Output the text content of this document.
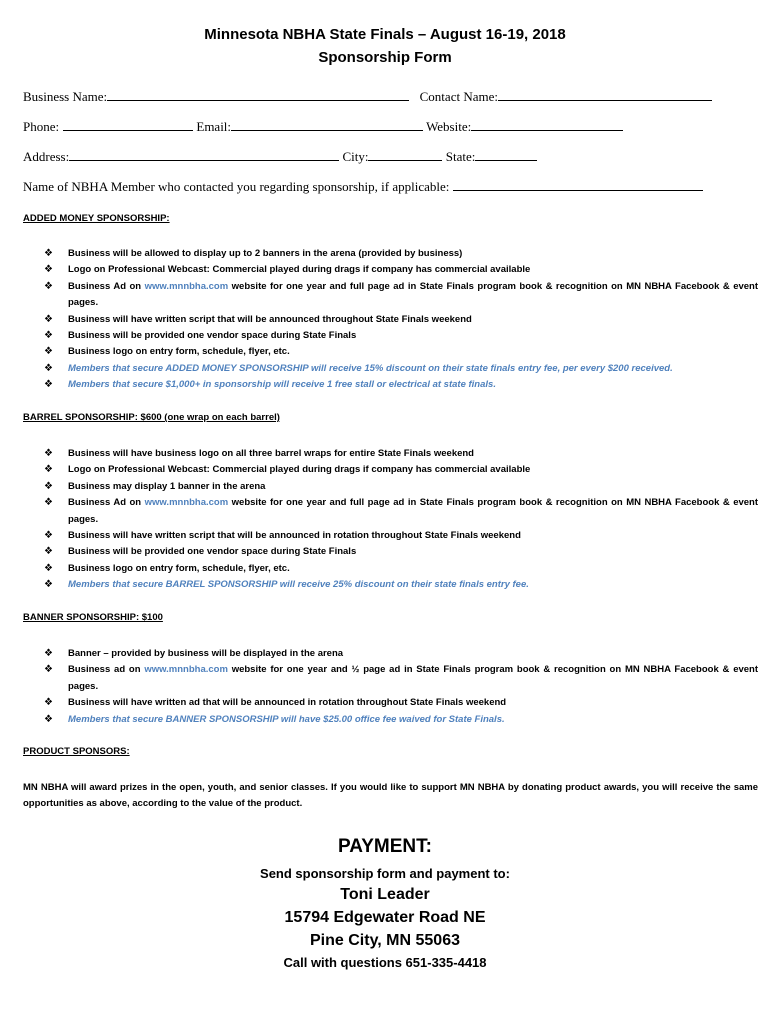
Minnesota NBHA State Finals – August 16-19, 2018
Sponsorship Form
Business Name:	Contact Name:
Phone:	Email:	Website:
Address:	City:	State:
Name of NBHA Member who contacted you regarding sponsorship, if applicable:
ADDED MONEY SPONSORSHIP:
❖ Business will be allowed to display up to 2 banners in the arena (provided by business)
❖ Logo on Professional Webcast: Commercial played during drags if company has commercial available
❖ Business Ad on www.mnnbha.com website for one year and full page ad in State Finals program book & recognition on MN NBHA Facebook & event pages.
❖ Business will have written script that will be announced throughout State Finals weekend
❖ Business will be provided one vendor space during State Finals
❖ Business logo on entry form, schedule, flyer, etc.
❖ Members that secure ADDED MONEY SPONSORSHIP will receive 15% discount on their state finals entry fee, per every $200 received.
❖ Members that secure $1,000+ in sponsorship will receive 1 free stall or electrical at state finals.
BARREL SPONSORSHIP: $600 (one wrap on each barrel)
❖ Business will have business logo on all three barrel wraps for entire State Finals weekend
❖ Logo on Professional Webcast: Commercial played during drags if company has commercial available
❖ Business may display 1 banner in the arena
❖ Business Ad on www.mnnbha.com website for one year and full page ad in State Finals program book & recognition on MN NBHA Facebook & event pages.
❖ Business will have written script that will be announced in rotation throughout State Finals weekend
❖ Business will be provided one vendor space during State Finals
❖ Business logo on entry form, schedule, flyer, etc.
❖ Members that secure BARREL SPONSORSHIP will receive 25% discount on their state finals entry fee.
BANNER SPONSORSHIP: $100
❖ Banner – provided by business will be displayed in the arena
❖ Business ad on www.mnnbha.com website for one year and ½ page ad in State Finals program book & recognition on MN NBHA Facebook & event pages.
❖ Business will have written ad that will be announced in rotation throughout State Finals weekend
❖ Members that secure BANNER SPONSORSHIP will have $25.00 office fee waived for State Finals.
PRODUCT SPONSORS:
MN NBHA will award prizes in the open, youth, and senior classes. If you would like to support MN NBHA by donating product awards, you will receive the same opportunities as above, according to the value of the product.
PAYMENT:
Send sponsorship form and payment to:
Toni Leader
15794 Edgewater Road NE
Pine City, MN 55063
Call with questions 651-335-4418
